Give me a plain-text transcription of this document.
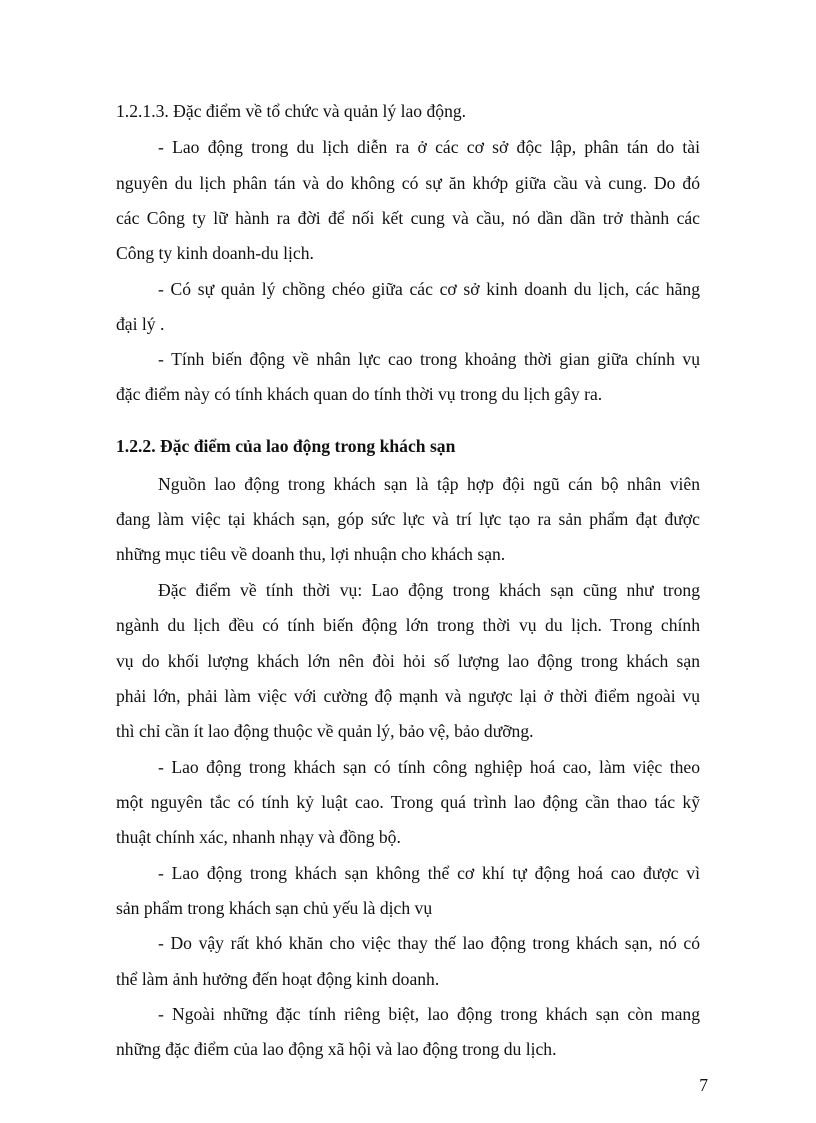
1.2.1.3. Đặc điểm về tổ chức và quản lý lao động.
- Lao động trong du lịch diễn ra ở các cơ sở độc lập, phân tán do tài
nguyên du lịch phân tán và do không có sự ăn khớp giữa cầu và cung. Do đó
các Công ty lữ hành ra đời để nối kết cung và cầu, nó dần dần trở thành các
Công ty kinh doanh-du lịch.
- Có sự quản lý chồng chéo giữa các cơ sở kinh doanh du lịch, các hãng
đại lý .
- Tính biến động về nhân lực cao trong khoảng thời gian giữa chính vụ
đặc điểm này có tính khách quan do tính thời vụ trong du lịch gây ra.
1.2.2. Đặc điểm của lao động trong khách sạn
Nguồn lao động trong khách sạn là tập hợp đội ngũ cán bộ nhân viên
đang làm việc tại khách sạn, góp sức lực và trí lực tạo ra sản phẩm đạt được
những mục tiêu về doanh thu, lợi nhuận cho khách sạn.
Đặc điểm về tính thời vụ: Lao động trong khách sạn cũng như trong
ngành du lịch đều có tính biến động lớn trong thời vụ du lịch. Trong chính
vụ do khối lượng khách lớn nên đòi hỏi số lượng lao động trong khách sạn
phải lớn, phải làm việc với cường độ mạnh và ngược lại ở thời điểm ngoài vụ
thì chỉ cần ít lao động thuộc về quản lý, bảo vệ, bảo dưỡng.
- Lao động trong khách sạn có tính công nghiệp hoá cao, làm việc theo
một nguyên tắc có tính kỷ luật cao. Trong quá trình lao động cần thao tác kỹ
thuật chính xác, nhanh nhạy và đồng bộ.
- Lao động trong khách sạn không thể cơ khí tự động hoá cao được vì
sản phẩm trong khách sạn chủ yếu là dịch vụ
- Do vậy rất khó khăn cho việc thay thế lao động trong khách sạn, nó có
thể làm ảnh hưởng đến hoạt động kinh doanh.
- Ngoài những đặc tính riêng biệt, lao động trong khách sạn còn mang
những đặc điểm của lao động xã hội và lao động trong du lịch.
7
